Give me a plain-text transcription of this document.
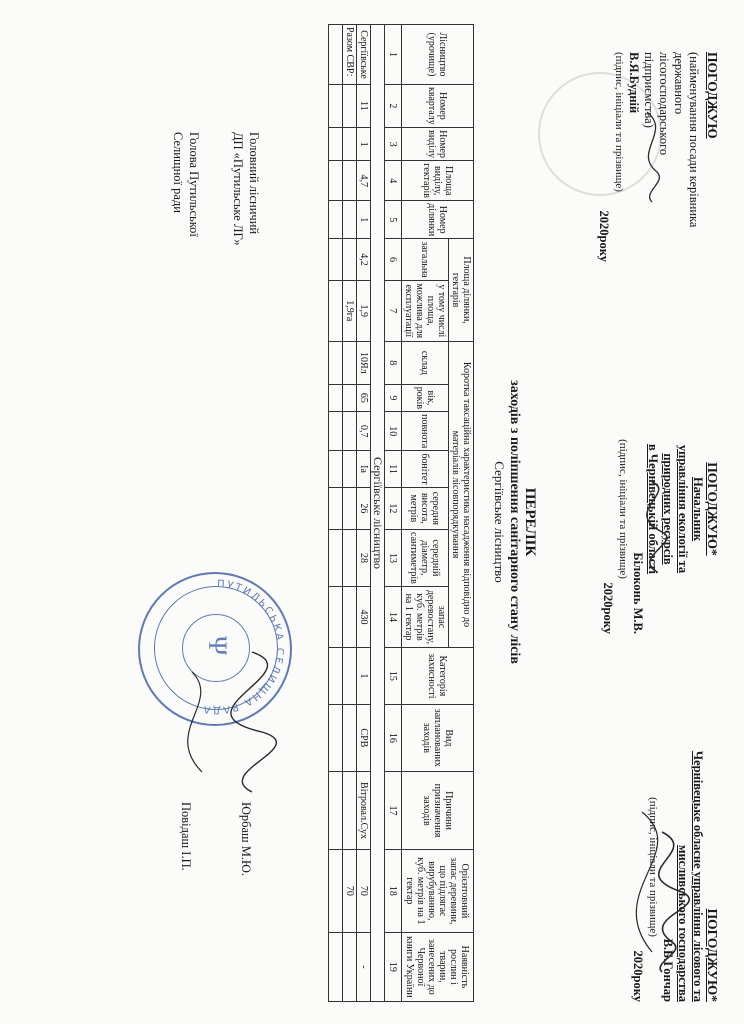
ПОГОДЖУЮ
(найменування посади керівника державного
лісогосподарського
підприємства)
В.Я.Будній
(підпис, ініціали та прізвище)
2020року
ПОГОДЖУЮ*
Начальник
управління екології та
природних ресурсів
в Чернівецькій області
Білоконь М.В.
(підпис, ініціали та прізвище)
2020року
ПОГОДЖУЮ*
Чернівецьке обласне управління лісового та
мисливського господарства
В.Б.Гончар
(підпис, ініціали та прізвище)
2020року
ПЕРЕЛІК
заходів з поліпшення санітарного стану лісів
Сергіївське лісництво
Лісництво (урочище)	Номер кварталу	Номер виділу	Площа виділу, гектарів	Номер ділянки	Площа ділянки, гектарів		Коротка таксаційна характеристика насадження відповідно до матеріалів лісовпорядкування							Категорія захисності	Вид запланованих заходів	Причини призначення заходів	Орієнтовний запас деревини, що підлягає вирубуванню, куб. метрів на 1 гектар	Наявність рослин і тварин, занесених до Червоної книги України
					загальна	у тому числі площа, можлива для експлуатації	склад	вік, років	повнота	бонітет	середня висота, метрів	середній діаметр, сантиметрів	запас деревостану, куб. метрів на 1 гектар					

1	2	3	4	5	6	7	8	9	10	11	12	13	14	15	16	17	18	19
Сергіївське лісництво																		
Сергіївське	11	1	4,7	1	4,2	1,9	10Ял	65	0,7	Іа	26	28	430	1	СРВ	Вітровал.Сух	70	-
Разом СВР:						1,9га											70	

Головний лісничий
ДП «Путильське ЛГ»
Голова Путильської
Селищної ради
Юрбаш М.Ю.
Повідаш І.П.
ПУТИЛЬСЬКА СЕЛИЩНА РАДА
Ψ
